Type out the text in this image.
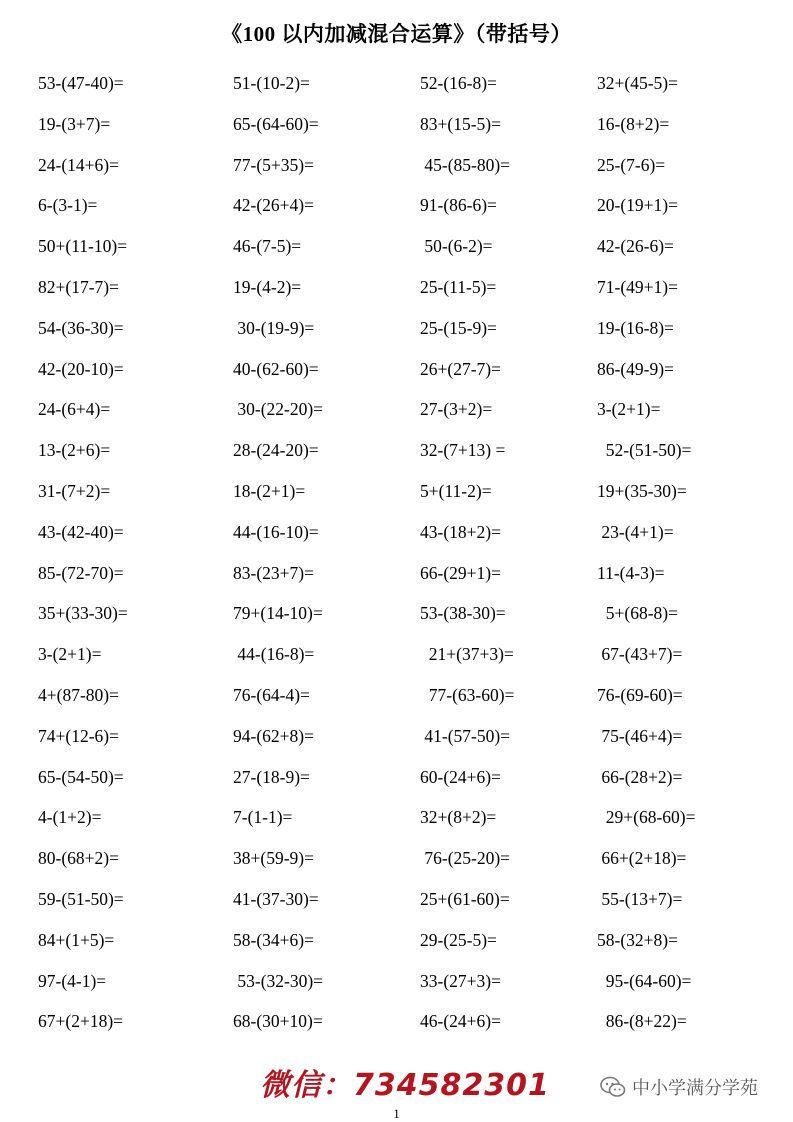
《100 以内加减混合运算》（带括号）
53-(47-40)=
19-(3+7)=
24-(14+6)=
6-(3-1)=
50+(11-10)=
82+(17-7)=
54-(36-30)=
42-(20-10)=
24-(6+4)=
13-(2+6)=
31-(7+2)=
43-(42-40)=
85-(72-70)=
35+(33-30)=
3-(2+1)=
4+(87-80)=
74+(12-6)=
65-(54-50)=
4-(1+2)=
80-(68+2)=
59-(51-50)=
84+(1+5)=
97-(4-1)=
67+(2+18)=
51-(10-2)=
65-(64-60)=
77-(5+35)=
42-(26+4)=
46-(7-5)=
19-(4-2)=
30-(19-9)=
40-(62-60)=
30-(22-20)=
28-(24-20)=
18-(2+1)=
44-(16-10)=
83-(23+7)=
79+(14-10)=
44-(16-8)=
76-(64-4)=
94-(62+8)=
27-(18-9)=
7-(1-1)=
38+(59-9)=
41-(37-30)=
58-(34+6)=
53-(32-30)=
68-(30+10)=
52-(16-8)=
83+(15-5)=
45-(85-80)=
91-(86-6)=
50-(6-2)=
25-(11-5)=
25-(15-9)=
26+(27-7)=
27-(3+2)=
32-(7+13) =
5+(11-2)=
43-(18+2)=
66-(29+1)=
53-(38-30)=
21+(37+3)=
77-(63-60)=
41-(57-50)=
60-(24+6)=
32+(8+2)=
76-(25-20)=
25+(61-60)=
29-(25-5)=
33-(27+3)=
46-(24+6)=
32+(45-5)=
16-(8+2)=
25-(7-6)=
20-(19+1)=
42-(26-6)=
71-(49+1)=
19-(16-8)=
86-(49-9)=
3-(2+1)=
52-(51-50)=
19+(35-30)=
23-(4+1)=
11-(4-3)=
5+(68-8)=
67-(43+7)=
76-(69-60)=
75-(46+4)=
66-(28+2)=
29+(68-60)=
66+(2+18)=
55-(13+7)=
58-(32+8)=
95-(64-60)=
86-(8+22)=
微信：734582301	中小学满分学苑
1
